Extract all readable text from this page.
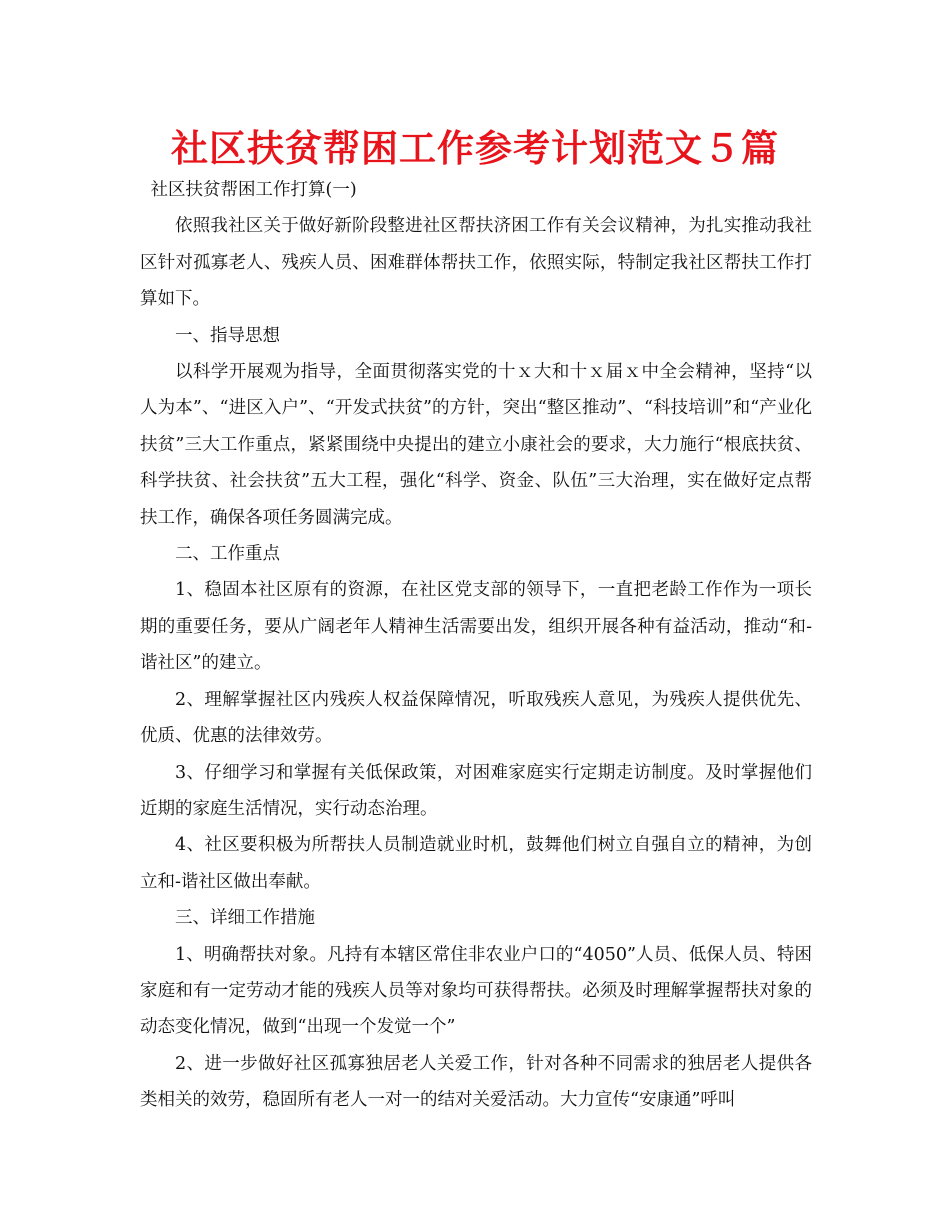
社区扶贫帮困工作参考计划范文５篇

社区扶贫帮困工作打算(一)

依照我社区关于做好新阶段整进社区帮扶济困工作有关会议精神，为扎实推动我社区针对孤寡老人、残疾人员、困难群体帮扶工作，依照实际，特制定我社区帮扶工作打算如下。

一、指导思想

以科学开展观为指导，全面贯彻落实党的十ｘ大和十ｘ届ｘ中全会精神，坚持“以人为本”、“进区入户”、“开发式扶贫”的方针，突出“整区推动”、“科技培训”和“产业化扶贫”三大工作重点，紧紧围绕中央提出的建立小康社会的要求，大力施行“根底扶贫、科学扶贫、社会扶贫”五大工程，强化“科学、资金、队伍”三大治理，实在做好定点帮扶工作，确保各项任务圆满完成。

二、工作重点

1、稳固本社区原有的资源，在社区党支部的领导下，一直把老龄工作作为一项长期的重要任务，要从广阔老年人精神生活需要出发，组织开展各种有益活动，推动“和-谐社区”的建立。

2、理解掌握社区内残疾人权益保障情况，听取残疾人意见，为残疾人提供优先、优质、优惠的法律效劳。

3、仔细学习和掌握有关低保政策，对困难家庭实行定期走访制度。及时掌握他们近期的家庭生活情况，实行动态治理。

4、社区要积极为所帮扶人员制造就业时机，鼓舞他们树立自强自立的精神，为创立和-谐社区做出奉献。

三、详细工作措施

1、明确帮扶对象。凡持有本辖区常住非农业户口的“4050”人员、低保人员、特困家庭和有一定劳动才能的残疾人员等对象均可获得帮扶。必须及时理解掌握帮扶对象的动态变化情况，做到“出现一个发觉一个”

2、进一步做好社区孤寡独居老人关爱工作，针对各种不同需求的独居老人提供各类相关的效劳，稳固所有老人一对一的结对关爱活动。大力宣传“安康通”呼叫
